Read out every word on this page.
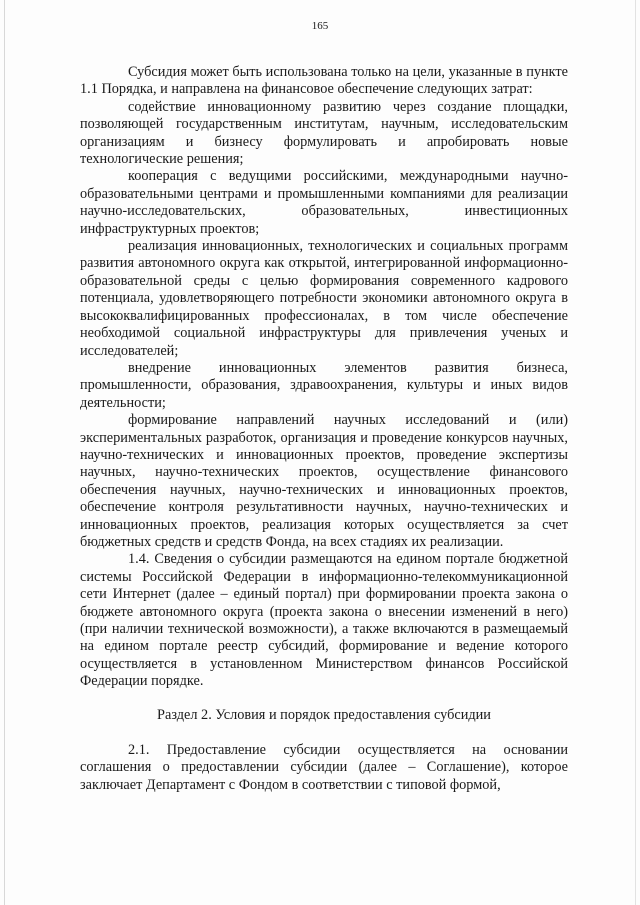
165

Субсидия может быть использована только на цели, указанные в пункте 1.1 Порядка, и направлена на финансовое обеспечение следующих затрат:

содействие инновационному развитию через создание площадки, позволяющей государственным институтам, научным, исследовательским организациям и бизнесу формулировать и апробировать новые технологические решения;

кооперация с ведущими российскими, международными научно-образовательными центрами и промышленными компаниями для реализации научно-исследовательских, образовательных, инвестиционных инфраструктурных проектов;

реализация инновационных, технологических и социальных программ развития автономного округа как открытой, интегрированной информационно-образовательной среды с целью формирования современного кадрового потенциала, удовлетворяющего потребности экономики автономного округа в высококвалифицированных профессионалах, в том числе обеспечение необходимой социальной инфраструктуры для привлечения ученых и исследователей;

внедрение инновационных элементов развития бизнеса, промышленности, образования, здравоохранения, культуры и иных видов деятельности;

формирование направлений научных исследований и (или) экспериментальных разработок, организация и проведение конкурсов научных, научно-технических и инновационных проектов, проведение экспертизы научных, научно-технических проектов, осуществление финансового обеспечения научных, научно-технических и инновационных проектов, обеспечение контроля результативности научных, научно-технических и инновационных проектов, реализация которых осуществляется за счет бюджетных средств и средств Фонда, на всех стадиях их реализации.

1.4. Сведения о субсидии размещаются на едином портале бюджетной системы Российской Федерации в информационно-телекоммуникационной сети Интернет (далее – единый портал) при формировании проекта закона о бюджете автономного округа (проекта закона о внесении изменений в него) (при наличии технической возможности), а также включаются в размещаемый на едином портале реестр субсидий, формирование и ведение которого осуществляется в установленном Министерством финансов Российской Федерации порядке.

Раздел 2. Условия и порядок предоставления субсидии

2.1. Предоставление субсидии осуществляется на основании соглашения о предоставлении субсидии (далее – Соглашение), которое заключает Департамент с Фондом в соответствии с типовой формой,
